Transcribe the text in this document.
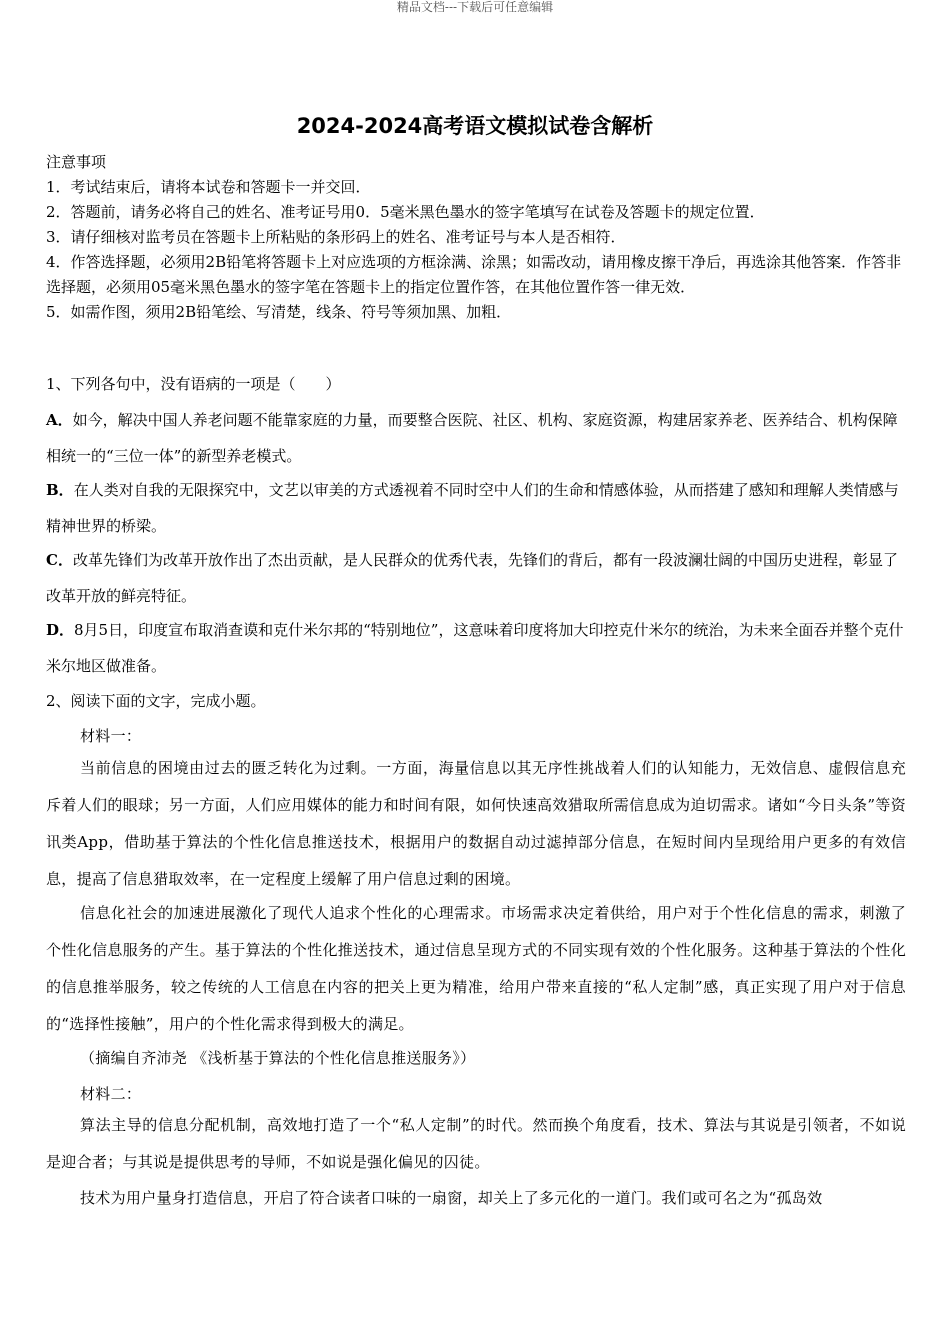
精品文档---下载后可任意编辑
2024-2024高考语文模拟试卷含解析

注意事项

1．考试结束后，请将本试卷和答题卡一并交回．

2．答题前，请务必将自己的姓名、准考证号用0．5毫米黑色墨水的签字笔填写在试卷及答题卡的规定位置．

3．请仔细核对监考员在答题卡上所粘贴的条形码上的姓名、准考证号与本人是否相符．

4．作答选择题，必须用2B铅笔将答题卡上对应选项的方框涂满、涂黑；如需改动，请用橡皮擦干净后，再选涂其他答案．作答非选择题，必须用05毫米黑色墨水的签字笔在答题卡上的指定位置作答，在其他位置作答一律无效．

5．如需作图，须用2B铅笔绘、写清楚，线条、符号等须加黑、加粗．

1、下列各句中，没有语病的一项是（　　）

A．如今，解决中国人养老问题不能靠家庭的力量，而要整合医院、社区、机构、家庭资源，构建居家养老、医养结合、机构保障相统一的“三位一体”的新型养老模式。

B．在人类对自我的无限探究中，文艺以审美的方式透视着不同时空中人们的生命和情感体验，从而搭建了感知和理解人类情感与精神世界的桥梁。

C．改革先锋们为改革开放作出了杰出贡献，是人民群众的优秀代表，先锋们的背后，都有一段波澜壮阔的中国历史进程，彰显了改革开放的鲜亮特征。

D．8月5日，印度宣布取消查谟和克什米尔邦的“特别地位”，这意味着印度将加大印控克什米尔的统治，为未来全面吞并整个克什米尔地区做准备。

2、阅读下面的文字，完成小题。

材料一：

当前信息的困境由过去的匮乏转化为过剩。一方面，海量信息以其无序性挑战着人们的认知能力，无效信息、虚假信息充斥着人们的眼球；另一方面，人们应用媒体的能力和时间有限，如何快速高效猎取所需信息成为迫切需求。诸如“今日头条”等资讯类App，借助基于算法的个性化信息推送技术，根据用户的数据自动过滤掉部分信息，在短时间内呈现给用户更多的有效信息，提高了信息猎取效率，在一定程度上缓解了用户信息过剩的困境。

信息化社会的加速进展激化了现代人追求个性化的心理需求。市场需求决定着供给，用户对于个性化信息的需求，刺激了个性化信息服务的产生。基于算法的个性化推送技术，通过信息呈现方式的不同实现有效的个性化服务。这种基于算法的个性化的信息推举服务，较之传统的人工信息在内容的把关上更为精准，给用户带来直接的“私人定制”感，真正实现了用户对于信息的“选择性接触”，用户的个性化需求得到极大的满足。

（摘编自齐沛尧 《浅析基于算法的个性化信息推送服务》）

材料二：

算法主导的信息分配机制，高效地打造了一个“私人定制”的时代。然而换个角度看，技术、算法与其说是引领者，不如说是迎合者；与其说是提供思考的导师，不如说是强化偏见的囚徒。

技术为用户量身打造信息，开启了符合读者口味的一扇窗，却关上了多元化的一道门。我们或可名之为“孤岛效
